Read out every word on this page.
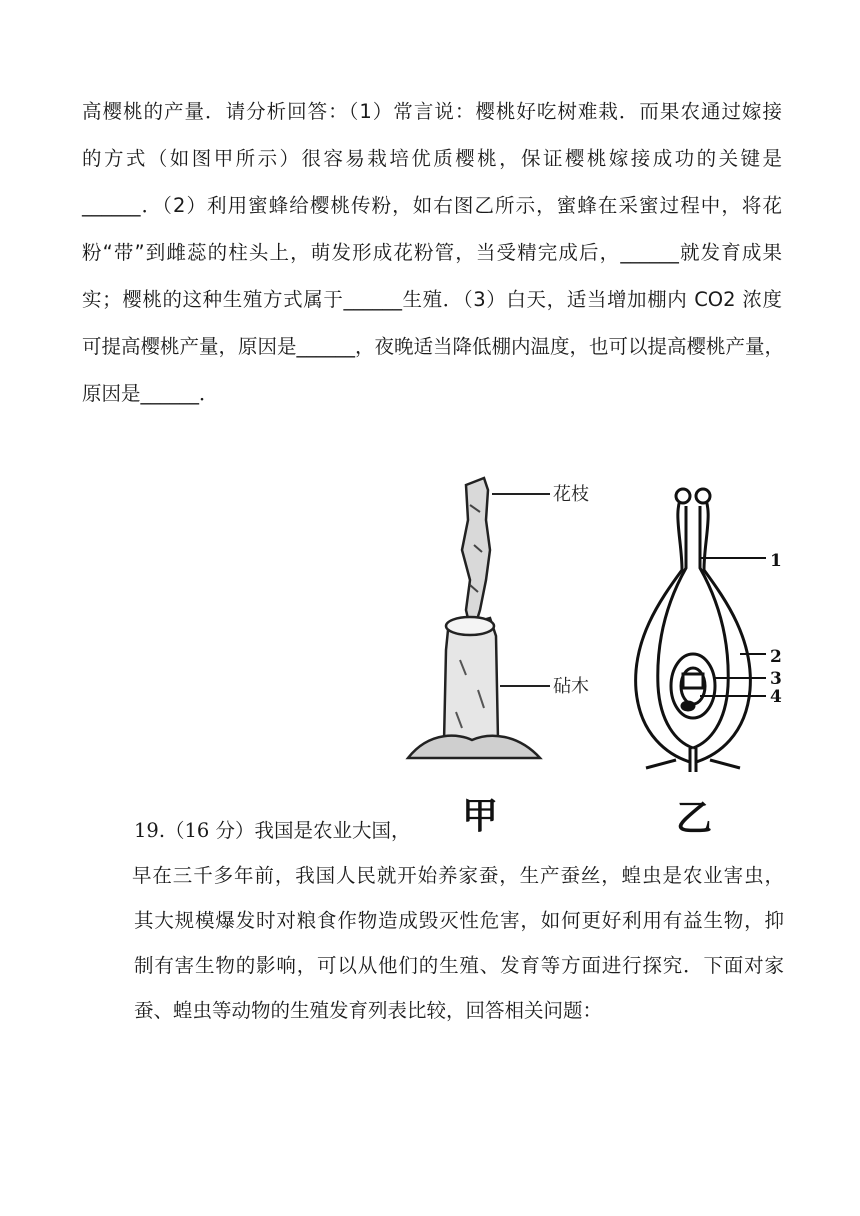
高樱桃的产量．请分析回答：（1）常言说：樱桃好吃树难栽．而果农通过嫁接
的方式（如图甲所示）很容易栽培优质樱桃，保证樱桃嫁接成功的关键是
______．（2）利用蜜蜂给樱桃传粉，如右图乙所示，蜜蜂在采蜜过程中，将花
粉“带”到雌蕊的柱头上，萌发形成花粉管，当受精完成后，______就发育成果
实；樱桃的这种生殖方式属于______生殖．（3）白天，适当增加棚内 CO2 浓度
可提高樱桃产量，原因是______，夜晚适当降低棚内温度，也可以提高樱桃产量，
原因是______．
花枝
砧木
甲
1
2
3
4
乙
19.（16 分）我国是农业大国，
早在三千多年前，我国人民就开始养家蚕，生产蚕丝，蝗虫是农业害虫，
其大规模爆发时对粮食作物造成毁灭性危害，如何更好利用有益生物，抑
制有害生物的影响，可以从他们的生殖、发育等方面进行探究．下面对家
蚕、蝗虫等动物的生殖发育列表比较，回答相关问题：
